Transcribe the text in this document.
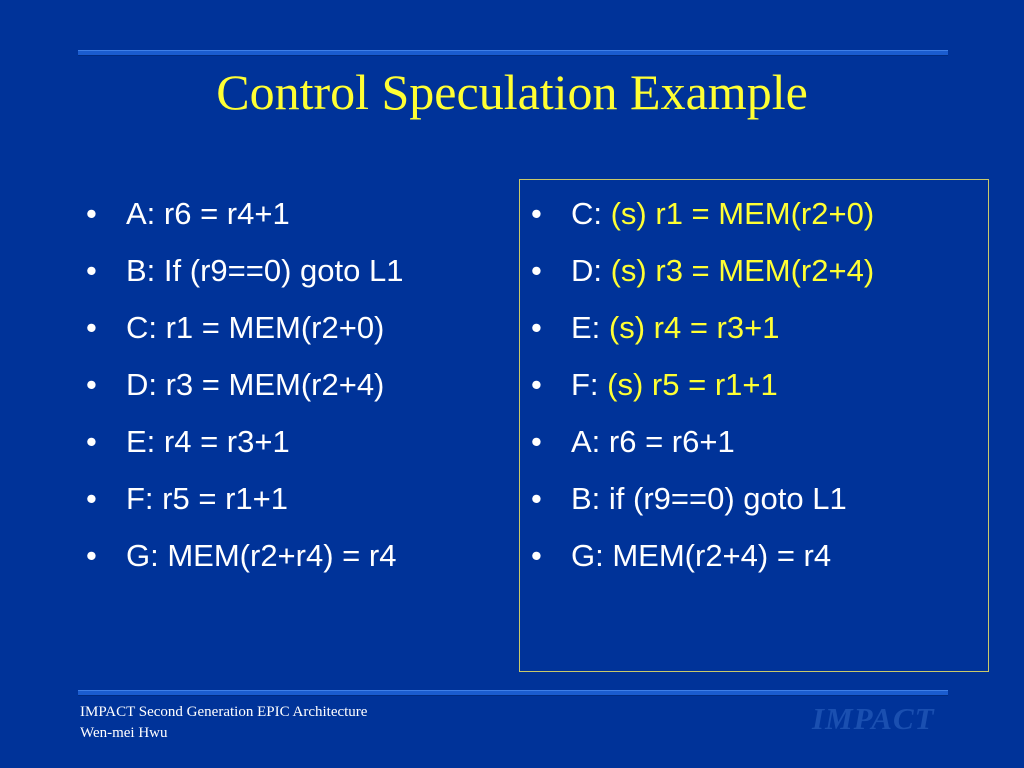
Control Speculation Example
• A: r6 = r4+1
• B: If (r9==0) goto L1
• C: r1 = MEM(r2+0)
• D: r3 = MEM(r2+4)
• E: r4 = r3+1
• F: r5 = r1+1
• G: MEM(r2+r4) = r4
• C: (s) r1 = MEM(r2+0)
• D: (s) r3 = MEM(r2+4)
• E: (s) r4 = r3+1
• F: (s) r5 = r1+1
• A: r6 = r6+1
• B: if (r9==0) goto L1
• G: MEM(r2+4) = r4
IMPACT Second Generation EPIC Architecture
Wen-mei Hwu	IMPACT
